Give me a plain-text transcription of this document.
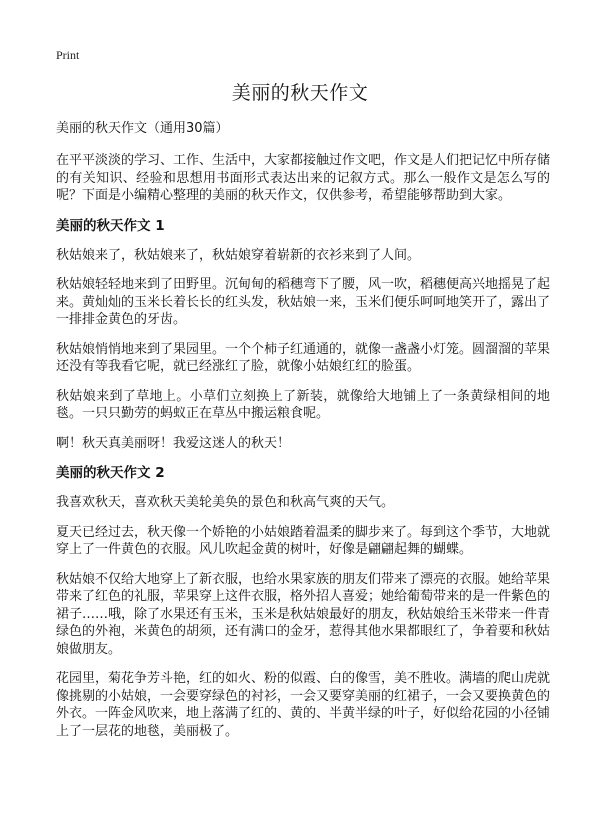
Print
美丽的秋天作文

美丽的秋天作文（通用30篇）

在平平淡淡的学习、工作、生活中，大家都接触过作文吧，作文是人们把记忆中所存储的有关知识、经验和思想用书面形式表达出来的记叙方式。那么一般作文是怎么写的呢？下面是小编精心整理的美丽的秋天作文，仅供参考，希望能够帮助到大家。

美丽的秋天作文 1

秋姑娘来了，秋姑娘来了，秋姑娘穿着崭新的衣衫来到了人间。

秋姑娘轻轻地来到了田野里。沉甸甸的稻穗弯下了腰，风一吹，稻穗便高兴地摇晃了起来。黄灿灿的玉米长着长长的红头发，秋姑娘一来，玉米们便乐呵呵地笑开了，露出了一排排金黄色的牙齿。

秋姑娘悄悄地来到了果园里。一个个柿子红通通的，就像一盏盏小灯笼。圆溜溜的苹果还没有等我看它呢，就已经涨红了脸，就像小姑娘红红的脸蛋。

秋姑娘来到了草地上。小草们立刻换上了新装，就像给大地铺上了一条黄绿相间的地毯。一只只勤劳的蚂蚁正在草丛中搬运粮食呢。

啊！秋天真美丽呀！我爱这迷人的秋天！

美丽的秋天作文 2

我喜欢秋天，喜欢秋天美轮美奂的景色和秋高气爽的天气。

夏天已经过去，秋天像一个娇艳的小姑娘踏着温柔的脚步来了。每到这个季节，大地就穿上了一件黄色的衣服。风儿吹起金黄的树叶，好像是翩翩起舞的蝴蝶。

秋姑娘不仅给大地穿上了新衣服，也给水果家族的朋友们带来了漂亮的衣服。她给苹果带来了红色的礼服，苹果穿上这件衣服，格外招人喜爱；她给葡萄带来的是一件紫色的裙子……哦，除了水果还有玉米，玉米是秋姑娘最好的朋友，秋姑娘给玉米带来一件青绿色的外袍，米黄色的胡须，还有满口的金牙，惹得其他水果都眼红了，争着要和秋姑娘做朋友。

花园里，菊花争芳斗艳，红的如火、粉的似霞、白的像雪，美不胜收。满墙的爬山虎就像挑剔的小姑娘，一会要穿绿色的衬衫，一会又要穿美丽的红裙子，一会又要换黄色的外衣。一阵金风吹来，地上落满了红的、黄的、半黄半绿的叶子，好似给花园的小径铺上了一层花的地毯，美丽极了。
